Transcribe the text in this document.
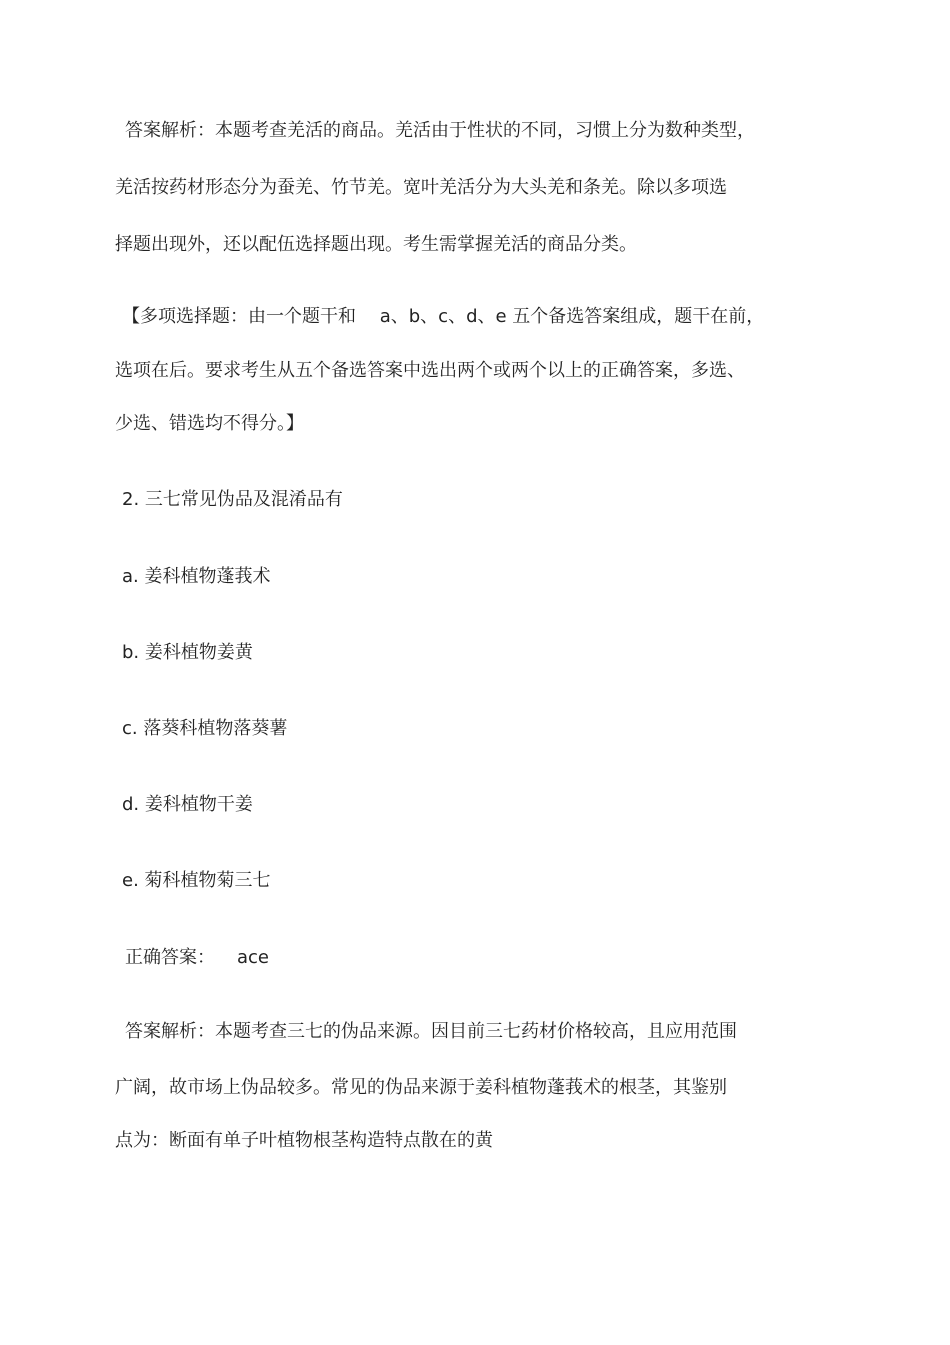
答案解析：本题考查羌活的商品。羌活由于性状的不同，习惯上分为数种类型，

羌活按药材形态分为蚕羌、竹节羌。宽叶羌活分为大头羌和条羌。除以多项选

择题出现外，还以配伍选择题出现。考生需掌握羌活的商品分类。

【多项选择题：由一个题干和　 a、b、c、d、e 五个备选答案组成，题干在前，

选项在后。要求考生从五个备选答案中选出两个或两个以上的正确答案，多选、

少选、错选均不得分。】

2. 三七常见伪品及混淆品有

a. 姜科植物蓬莪术

b. 姜科植物姜黄

c. 落葵科植物落葵薯

d. 姜科植物干姜

e. 菊科植物菊三七

正确答案： ace

答案解析：本题考查三七的伪品来源。因目前三七药材价格较高，且应用范围

广阔，故市场上伪品较多。常见的伪品来源于姜科植物蓬莪术的根茎，其鉴别

点为：断面有单子叶植物根茎构造特点散在的黄
